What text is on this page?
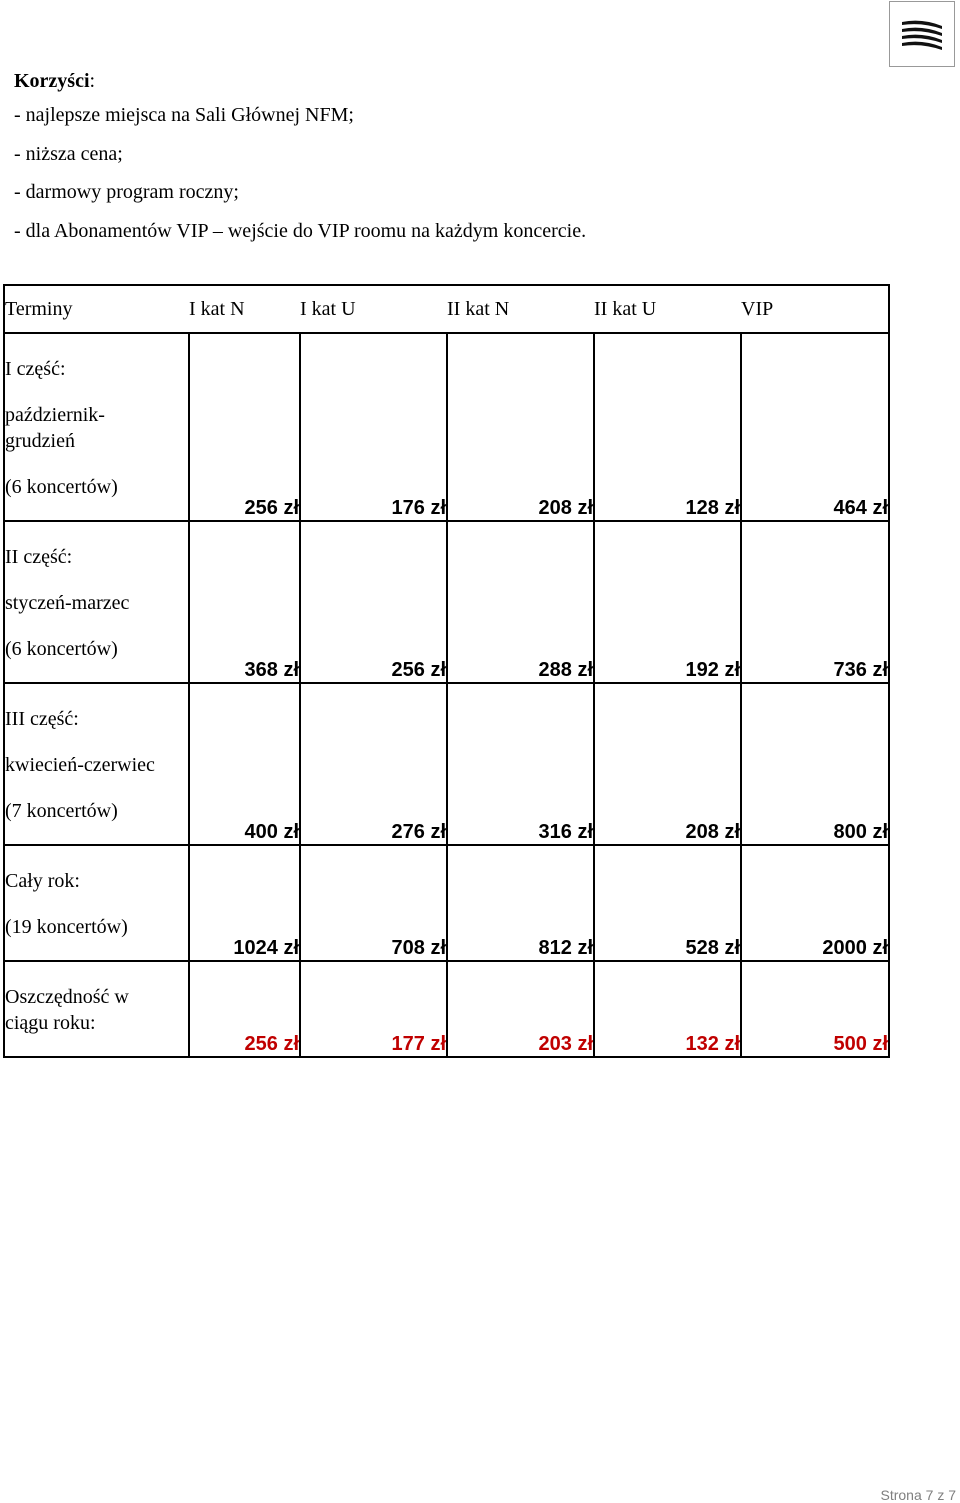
Korzyści:
- najlepsze miejsca na Sali Głównej NFM;
- niższa cena;
- darmowy program roczny;
- dla Abonamentów VIP – wejście do VIP roomu na każdym koncercie.
Terminy	I kat N	I kat U	II kat N	II kat U	VIP

I część:
październik-
grudzień
(6 koncertów)	256 zł	176 zł	208 zł	128 zł	464 zł

II część:
styczeń-marzec
(6 koncertów)	368 zł	256 zł	288 zł	192 zł	736 zł

III część:
kwiecień-czerwiec
(7 koncertów)	400 zł	276 zł	316 zł	208 zł	800 zł

Cały rok:
(19 koncertów)	1024 zł	708 zł	812 zł	528 zł	2000 zł

Oszczędność w
ciągu roku:	256 zł	177 zł	203 zł	132 zł	500 zł
Strona 7 z 7
